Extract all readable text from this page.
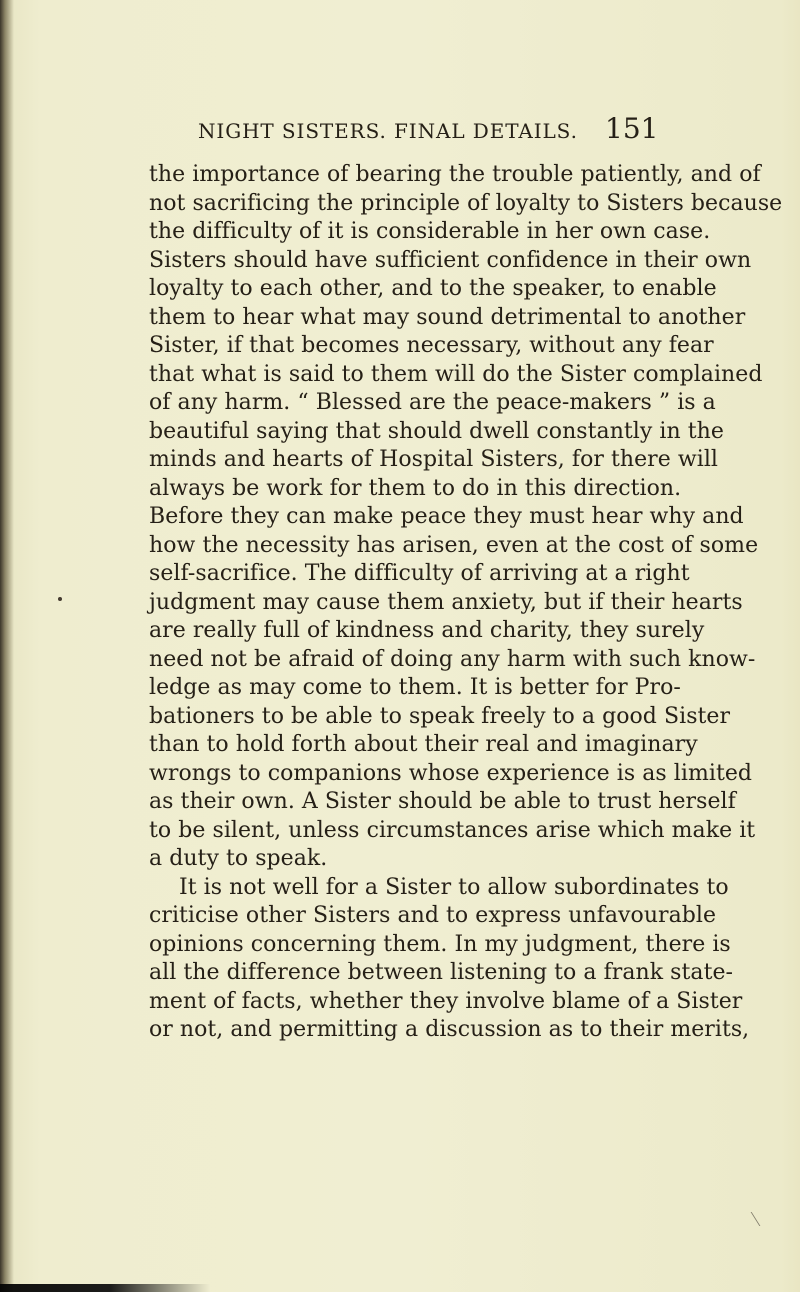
NIGHT SISTERS. FINAL DETAILS. 151
the importance of bearing the trouble patiently, and of
not sacrificing the principle of loyalty to Sisters because
the difficulty of it is considerable in her own case.
Sisters should have sufficient confidence in their own
loyalty to each other, and to the speaker, to enable
them to hear what may sound detrimental to another
Sister, if that becomes necessary, without any fear
that what is said to them will do the Sister complained
of any harm. “ Blessed are the peace-makers ” is a
beautiful saying that should dwell constantly in the
minds and hearts of Hospital Sisters, for there will
always be work for them to do in this direction.
Before they can make peace they must hear why and
how the necessity has arisen, even at the cost of some
self-sacrifice. The difficulty of arriving at a right
judgment may cause them anxiety, but if their hearts
are really full of kindness and charity, they surely
need not be afraid of doing any harm with such know-
ledge as may come to them. It is better for Pro-
bationers to be able to speak freely to a good Sister
than to hold forth about their real and imaginary
wrongs to companions whose experience is as limited
as their own. A Sister should be able to trust herself
to be silent, unless circumstances arise which make it
a duty to speak.
It is not well for a Sister to allow subordinates to
criticise other Sisters and to express unfavourable
opinions concerning them. In my judgment, there is
all the difference between listening to a frank state-
ment of facts, whether they involve blame of a Sister
or not, and permitting a discussion as to their merits,
